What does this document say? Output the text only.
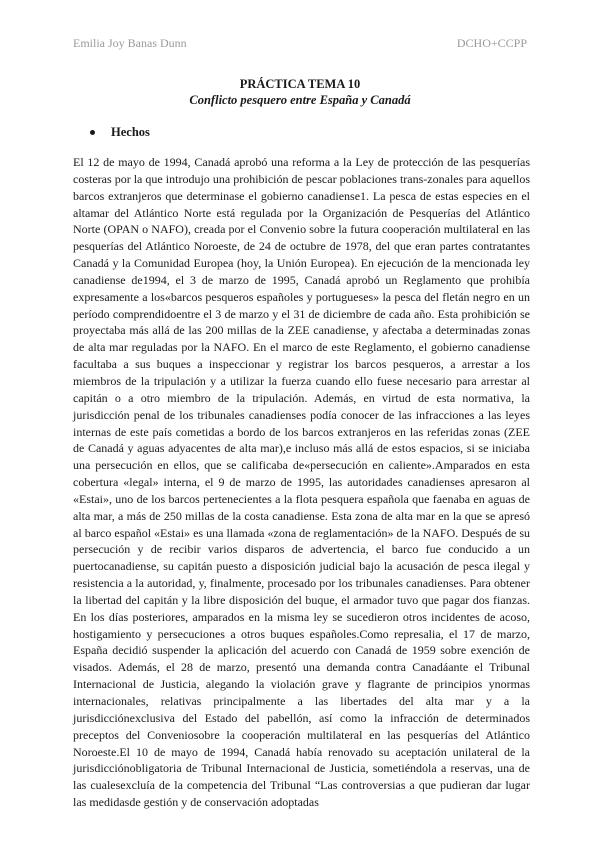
Emilia Joy Banas Dunn	DCHO+CCPP
PRÁCTICA TEMA 10
Conflicto pesquero entre España y Canadá
Hechos

El 12 de mayo de 1994, Canadá aprobó una reforma a la Ley de protección de las pesquerías costeras por la que introdujo una prohibición de pescar poblaciones trans-zonales para aquellos barcos extranjeros que determinase el gobierno canadiense1. La pesca de estas especies en el altamar del Atlántico Norte está regulada por la Organización de Pesquerías del Atlántico Norte (OPAN o NAFO), creada por el Convenio sobre la futura cooperación multilateral en las pesquerías del Atlántico Noroeste, de 24 de octubre de 1978, del que eran partes contratantes Canadá y la Comunidad Europea (hoy, la Unión Europea). En ejecución de la mencionada ley canadiense de1994, el 3 de marzo de 1995, Canadá aprobó un Reglamento que prohibía expresamente a los«barcos pesqueros españoles y portugueses» la pesca del fletán negro en un período comprendidoentre el 3 de marzo y el 31 de diciembre de cada año. Esta prohibición se proyectaba más allá de las 200 millas de la ZEE canadiense, y afectaba a determinadas zonas de alta mar reguladas por la NAFO. En el marco de este Reglamento, el gobierno canadiense facultaba a sus buques a inspeccionar y registrar los barcos pesqueros, a arrestar a los miembros de la tripulación y a utilizar la fuerza cuando ello fuese necesario para arrestar al capitán o a otro miembro de la tripulación. Además, en virtud de esta normativa, la jurisdicción penal de los tribunales canadienses podía conocer de las infracciones a las leyes internas de este país cometidas a bordo de los barcos extranjeros en las referidas zonas (ZEE de Canadá y aguas adyacentes de alta mar),e incluso más allá de estos espacios, si se iniciaba una persecución en ellos, que se calificaba de«persecución en caliente».Amparados en esta cobertura «legal» interna, el 9 de marzo de 1995, las autoridades canadienses apresaron al «Estai», uno de los barcos pertenecientes a la flota pesquera española que faenaba en aguas de alta mar, a más de 250 millas de la costa canadiense. Esta zona de alta mar en la que se apresó al barco español «Estai» es una llamada «zona de reglamentación» de la NAFO. Después de su persecución y de recibir varios disparos de advertencia, el barco fue conducido a un puertocanadiense, su capitán puesto a disposición judicial bajo la acusación de pesca ilegal y resistencia a la autoridad, y, finalmente, procesado por los tribunales canadienses. Para obtener la libertad del capitán y la libre disposición del buque, el armador tuvo que pagar dos fianzas. En los días posteriores, amparados en la misma ley se sucedieron otros incidentes de acoso, hostigamiento y persecuciones a otros buques españoles.Como represalia, el 17 de marzo, España decidió suspender la aplicación del acuerdo con Canadá de 1959 sobre exención de visados. Además, el 28 de marzo, presentó una demanda contra Canadáante el Tribunal Internacional de Justicia, alegando la violación grave y flagrante de principios ynormas internacionales, relativas principalmente a las libertades del alta mar y a la jurisdicciónexclusiva del Estado del pabellón, así como la infracción de determinados preceptos del Conveniosobre la cooperación multilateral en las pesquerías del Atlántico Noroeste.El 10 de mayo de 1994, Canadá había renovado su aceptación unilateral de la jurisdicciónobligatoria de Tribunal Internacional de Justicia, sometiéndola a reservas, una de las cualesexcluía de la competencia del Tribunal “Las controversias a que pudieran dar lugar las medidasde gestión y de conservación adoptadas
